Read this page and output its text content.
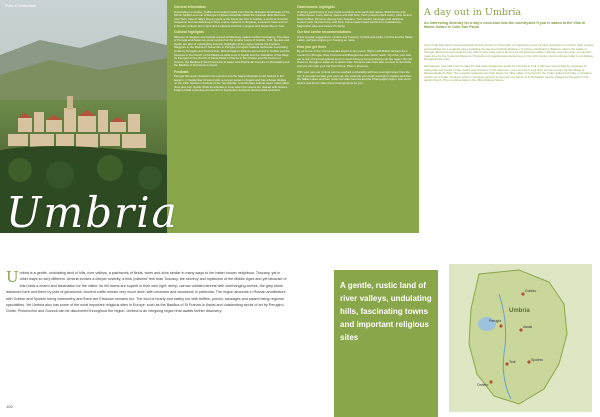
Pure & Waterfalls	General information

Dominating in Umbria, Truffles and cooked meats from Norcia, Dramatic landscapes of the Monte Sibillini and one of Europe's highest waterfalls called the Cascate delle Marmore near Terni. One of Italy's breezy spots is the Festa dei Ceri in Gubbio, a world of Gnocchi, Carpaccio and woodworking in Todi, a wine museum in Torgiano, a ceramic trade and art in Deruta, Antique fair in Aprii and a national craft fair in August and September in Todi.

Cultural highlights

Mixtures of religious and secular art and architecture makes Umbria fascinating. The cities of Perugia and Assisi are great centres but the smaller towns of Gubbio, Todi, Spoleto and Spello are also of outstanding interest. Highlights of the region include the Fontana Maggiore in the Piazza IV Novembre in Perugia, Perugia's Galleria Nazionale comprising works by Perugino and Pinturicchio, Michelangelo's Palazzo del Consoli in Gubbio and the frescoes in the church of the Madonna della Luce in Spello and the 'Adoration of the Magi' by Perugino in the church of Santa Maria in Piazza in the Orvieto and the Duomo of Orvieto, the Basilica di San Francesco in Assisi and Piazza del Comune in Montefalco and the Basilica of St Francis in Assisi.

Festivals

Perugia has a jazz festival in the summer and the Sagra Musicale music festival in the autumn. In September Orvieto holds a concert series in August and has a flower display on the 15th. Spoleto's Festival of the Two Worlds, a world-class cultural event, takes place June and July. Spello holds its Infiorata in June when the streets are decked with flowers. Foligno holds a jousting tournament in September during its Giostra della Quintana.

Gastronomic highlights

Umbria's gastronomy is very much a product of its earth and nature. Mushrooms and truffles flavour many dishes. Game and wild boar, fresh produce black celery, olive oil and black truffles, Pecorino cheese from Torgiano, Todi crostini, sausages and delicious cooked pork. Norcia hams, wild boar, home-made bread, lentils from Castelluccio, Sagrantino wine and sweet Vin Santo.

Our two centre recommendations

A few popular suggestions: Umbria and Tuscany, Umbria and Lazio, Umbria and the Italian Lakes, perhaps stopping in Tuscany en route.

How you get there

By air Rome is the recommended airport in any event, flights (with British Airways from London) to Perugia. Pisa, Florence and Bologna are also within reach. Fly-drive your own car is one of the best options and it is worth hiring a car and driving into the region. By rail: Rome to Perugia or Assisi on a slower train. Florence train links also connect to Terontola and you can take your car from Rome, Pisa or Florence.

With your own car Umbria can be reached comfortably with two overnight stops from the UK. If you want to take your own car, For example you could overnight in Alsace and then the Italian Lakes and then motor via Lake Geneva and the Champagne region. Ask us for advice and let us make these arrangements for you.

A day out in Umbria
An interesting itinerary for a day's excursion into the countryside if you're based at the Villa di Monte Solare in Colle San Paolo

From Colle San Paolo head westwards across country to Tavernelle, an important centre for olive production in Umbria. Stop to taste and purchase the Lungarotti wines including the famous Umbrian Rubesco. Continue southward to Bettona, where the castle of Perugia. Bettona is surrounded by the hills of olive trees and is famous for the Etruscan walls in Deruta, your next stop, you should make time for the Ceramics Museum. Production of majolica was started here in the 13th Century and continues today in workshops throughout the town.

Alternatively, you might want to take the fast dual carriageway south from Deruta to Todi, a hill town surrounded by expanses of rolling hills and woods of oak, beech and chestnut. In the afternoon, your next hour-long drive across country via the village of Montecastello di Vibio. The unspoilt medieval town high above the Tiber valley is famous for the Teatro della Concordia, a miniature replica of La Scala. Continue north to Cerqueto passing to see part of a fresco of St Sebastian and the Plague by Perugino in the parish church. Then continue back to the Villa di Monte Solare.

Umbria
Umbria is a gentle, undulating land of hills, river valleys, a patchwork of fields, vines and olive similar in many ways to her better-known neighbour, Tuscany, yet in other ways so very different. Umbria evokes a deeper rusticity, a less 'polished' feel than Tuscany, the secrecy and mysticism of the Middle Ages and yet because of this holds a charm and fascination for the visitor. Its hill towns are superb in their own right; steep, narrow cobbled streets with overhanging arches, the grey stone darkened here and there by pots of geraniums. Ancient crafts remain very much alive, with ceramics and woodwork in particular. The region abounds in Roman architecture with Gubbio and Spoleto being noteworthy and there are Etruscan remains too. The food is hearty and earthy too with truffles, porcini, sausages and salami being regional specialities. Yet Umbria also has some of the most important religious sites in Europe, such as the Basilica of St Francis in Assisi and outstanding works of art by Perugino, Giotto, Pinturicchio and Gozzoli can be discovered throughout the region. Umbria is an intriguing region that awaits further discovery.
102
A gentle, rustic land of river valleys, undulating hills, fascinating towns and important religious sites
Umbria
Perugia
Assisi
Spoleto
Todi
Orvieto
Gubbio
